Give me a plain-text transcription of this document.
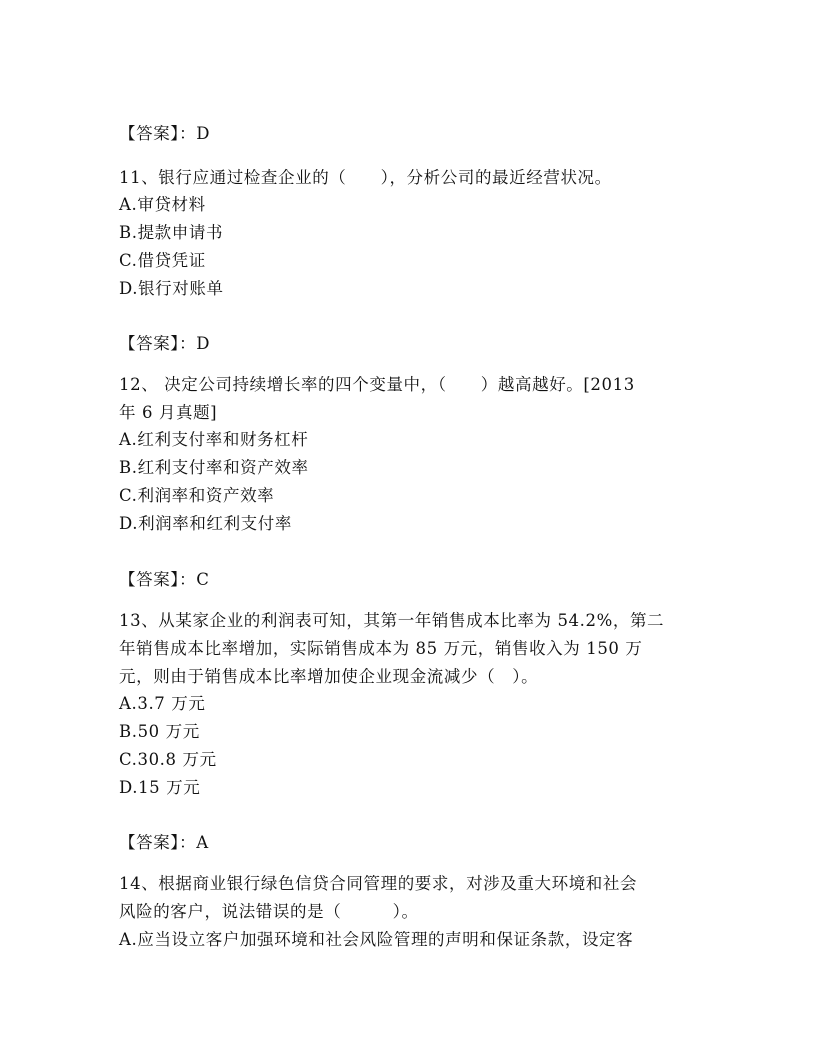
【答案】：D
11、银行应通过检查企业的（　　），分析公司的最近经营状况。
A.审贷材料
B.提款申请书
C.借贷凭证
D.银行对账单
【答案】：D
12、 决定公司持续增长率的四个变量中，（　　）越高越好。[2013
年 6 月真题]
A.红利支付率和财务杠杆
B.红利支付率和资产效率
C.利润率和资产效率
D.利润率和红利支付率
【答案】：C
13、从某家企业的利润表可知，其第一年销售成本比率为 54.2%，第二
年销售成本比率增加，实际销售成本为 85 万元，销售收入为 150 万
元，则由于销售成本比率增加使企业现金流减少（　）。
A.3.7 万元
B.50 万元
C.30.8 万元
D.15 万元
【答案】：A
14、根据商业银行绿色信贷合同管理的要求，对涉及重大环境和社会
风险的客户，说法错误的是（　　　）。
A.应当设立客户加强环境和社会风险管理的声明和保证条款，设定客
